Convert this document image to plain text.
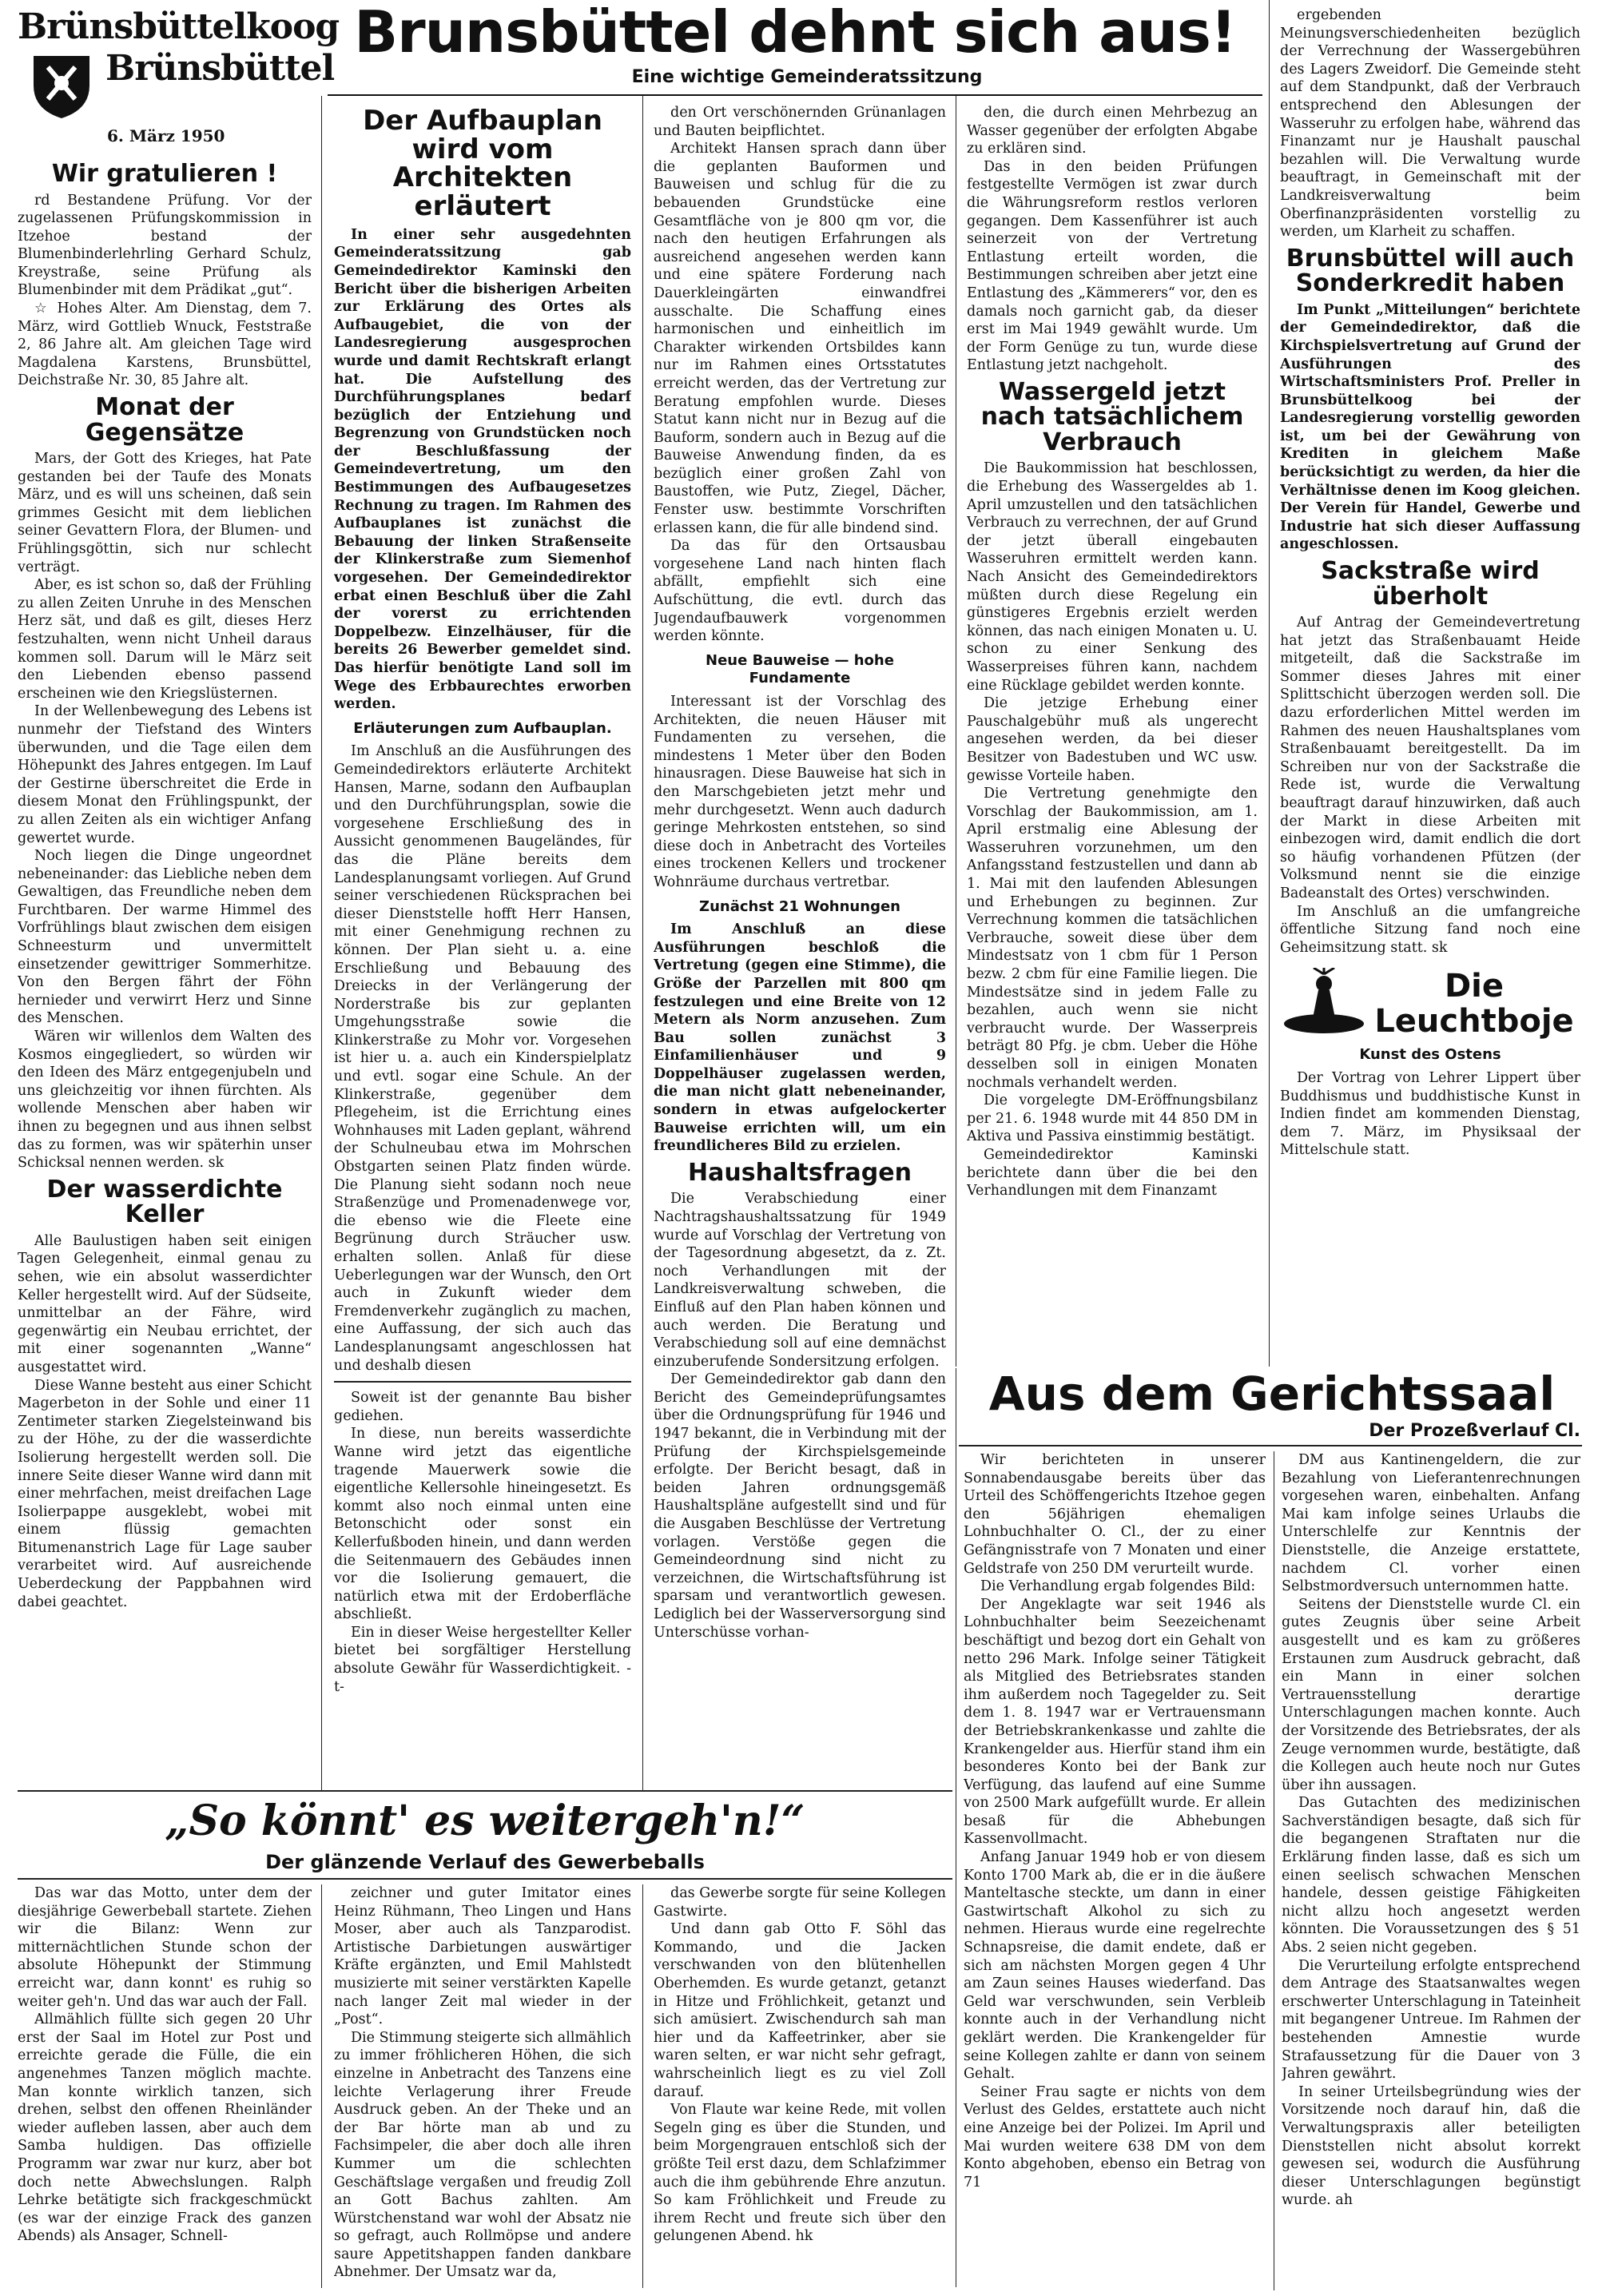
Brünsbüttelkoog
Brünsbüttel
6. März 1950
Brunsbüttel dehnt sich aus!
Eine wichtige Gemeinderatssitzung
Wir gratulieren !

rd Bestandene Prüfung. Vor der zugelassenen Prüfungskommission in Itzehoe bestand der Blumenbinderlehrling Gerhard Schulz, Kreystraße, seine Prüfung als Blumenbinder mit dem Prädikat „gut“.

☆ Hohes Alter. Am Dienstag, dem 7. März, wird Gottlieb Wnuck, Feststraße 2, 86 Jahre alt. Am gleichen Tage wird Magdalena Karstens, Brunsbüttel, Deichstraße Nr. 30, 85 Jahre alt.

Monat der Gegensätze

Mars, der Gott des Krieges, hat Pate gestanden bei der Taufe des Monats März, und es will uns scheinen, daß sein grimmes Gesicht mit dem lieblichen seiner Gevattern Flora, der Blumen- und Frühlingsgöttin, sich nur schlecht verträgt.

Aber, es ist schon so, daß der Frühling zu allen Zeiten Unruhe in des Menschen Herz sät, und daß es gilt, dieses Herz festzuhalten, wenn nicht Unheil daraus kommen soll. Darum will le März seit den Liebenden ebenso passend erscheinen wie den Kriegslüsternen.

In der Wellenbewegung des Lebens ist nunmehr der Tiefstand des Winters überwunden, und die Tage eilen dem Höhepunkt des Jahres entgegen. Im Lauf der Gestirne überschreitet die Erde in diesem Monat den Frühlingspunkt, der zu allen Zeiten als ein wichtiger Anfang gewertet wurde.

Noch liegen die Dinge ungeordnet nebeneinander: das Liebliche neben dem Gewaltigen, das Freundliche neben dem Furchtbaren. Der warme Himmel des Vorfrühlings blaut zwischen dem eisigen Schneesturm und unvermittelt einsetzender gewittriger Sommerhitze. Von den Bergen fährt der Föhn hernieder und verwirrt Herz und Sinne des Menschen.

Wären wir willenlos dem Walten des Kosmos eingegliedert, so würden wir den Ideen des März entgegenjubeln und uns gleichzeitig vor ihnen fürchten. Als wollende Menschen aber haben wir ihnen zu begegnen und aus ihnen selbst das zu formen, was wir späterhin unser Schicksal nennen werden. sk

Der wasserdichte Keller

Alle Baulustigen haben seit einigen Tagen Gelegenheit, einmal genau zu sehen, wie ein absolut wasserdichter Keller hergestellt wird. Auf der Südseite, unmittelbar an der Fähre, wird gegenwärtig ein Neubau errichtet, der mit einer sogenannten „Wanne“ ausgestattet wird.

Diese Wanne besteht aus einer Schicht Magerbeton in der Sohle und einer 11 Zentimeter starken Ziegelsteinwand bis zu der Höhe, zu der die wasserdichte Isolierung hergestellt werden soll. Die innere Seite dieser Wanne wird dann mit einer mehrfachen, meist dreifachen Lage Isolierpappe ausgeklebt, wobei mit einem flüssig gemachten Bitumenanstrich Lage für Lage sauber verarbeitet wird. Auf ausreichende Ueberdeckung der Pappbahnen wird dabei geachtet.

Der Aufbauplan wird vom Architekten erläutert

In einer sehr ausgedehnten Gemeinderatssitzung gab Gemeindedirektor Kaminski den Bericht über die bisherigen Arbeiten zur Erklärung des Ortes als Aufbaugebiet, die von der Landesregierung ausgesprochen wurde und damit Rechtskraft erlangt hat. Die Aufstellung des Durchführungsplanes bedarf bezüglich der Entziehung und Begrenzung von Grundstücken noch der Beschlußfassung der Gemeindevertretung, um den Bestimmungen des Aufbaugesetzes Rechnung zu tragen. Im Rahmen des Aufbauplanes ist zunächst die Bebauung der linken Straßenseite der Klinkerstraße zum Siemenhof vorgesehen. Der Gemeindedirektor erbat einen Beschluß über die Zahl der vorerst zu errichtenden Doppelbezw. Einzelhäuser, für die bereits 26 Bewerber gemeldet sind. Das hierfür benötigte Land soll im Wege des Erbbaurechtes erworben werden.

Erläuterungen zum Aufbauplan.

Im Anschluß an die Ausführungen des Gemeindedirektors erläuterte Architekt Hansen, Marne, sodann den Aufbauplan und den Durchführungsplan, sowie die vorgesehene Erschließung des in Aussicht genommenen Baugeländes, für das die Pläne bereits dem Landesplanungsamt vorliegen. Auf Grund seiner verschiedenen Rücksprachen bei dieser Dienststelle hofft Herr Hansen, mit einer Genehmigung rechnen zu können. Der Plan sieht u. a. eine Erschließung und Bebauung des Dreiecks in der Verlängerung der Norderstraße bis zur geplanten Umgehungsstraße sowie die Klinkerstraße zu Mohr vor. Vorgesehen ist hier u. a. auch ein Kinderspielplatz und evtl. sogar eine Schule. An der Klinkerstraße, gegenüber dem Pflegeheim, ist die Errichtung eines Wohnhauses mit Laden geplant, während der Schulneubau etwa im Mohrschen Obstgarten seinen Platz finden würde. Die Planung sieht sodann noch neue Straßenzüge und Promenadenwege vor, die ebenso wie die Fleete eine Begrünung durch Sträucher usw. erhalten sollen. Anlaß für diese Ueberlegungen war der Wunsch, den Ort auch in Zukunft wieder dem Fremdenverkehr zugänglich zu machen, eine Auffassung, der sich auch das Landesplanungsamt angeschlossen hat und deshalb diesen

Soweit ist der genannte Bau bisher gediehen.

In diese, nun bereits wasserdichte Wanne wird jetzt das eigentliche tragende Mauerwerk sowie die eigentliche Kellersohle hineingesetzt. Es kommt also noch einmal unten eine Betonschicht oder sonst ein Kellerfußboden hinein, und dann werden die Seitenmauern des Gebäudes innen vor die Isolierung gemauert, die natürlich etwa mit der Erdoberfläche abschließt.

Ein in dieser Weise hergestellter Keller bietet bei sorgfältiger Herstellung absolute Gewähr für Wasserdichtigkeit. -t-

den Ort verschönernden Grünanlagen und Bauten beipflichtet.

Architekt Hansen sprach dann über die geplanten Bauformen und Bauweisen und schlug für die zu bebauenden Grundstücke eine Gesamtfläche von je 800 qm vor, die nach den heutigen Erfahrungen als ausreichend angesehen werden kann und eine spätere Forderung nach Dauerkleingärten einwandfrei ausschalte. Die Schaffung eines harmonischen und einheitlich im Charakter wirkenden Ortsbildes kann nur im Rahmen eines Ortsstatutes erreicht werden, das der Vertretung zur Beratung empfohlen wurde. Dieses Statut kann nicht nur in Bezug auf die Bauform, sondern auch in Bezug auf die Bauweise Anwendung finden, da es bezüglich einer großen Zahl von Baustoffen, wie Putz, Ziegel, Dächer, Fenster usw. bestimmte Vorschriften erlassen kann, die für alle bindend sind.

Da das für den Ortsausbau vorgesehene Land nach hinten flach abfällt, empfiehlt sich eine Aufschüttung, die evtl. durch das Jugendaufbauwerk vorgenommen werden könnte.

Neue Bauweise — hohe Fundamente

Interessant ist der Vorschlag des Architekten, die neuen Häuser mit Fundamenten zu versehen, die mindestens 1 Meter über den Boden hinausragen. Diese Bauweise hat sich in den Marschgebieten jetzt mehr und mehr durchgesetzt. Wenn auch dadurch geringe Mehrkosten entstehen, so sind diese doch in Anbetracht des Vorteiles eines trockenen Kellers und trockener Wohnräume durchaus vertretbar.

Zunächst 21 Wohnungen

Im Anschluß an diese Ausführungen beschloß die Vertretung (gegen eine Stimme), die Größe der Parzellen mit 800 qm festzulegen und eine Breite von 12 Metern als Norm anzusehen. Zum Bau sollen zunächst 3 Einfamilienhäuser und 9 Doppelhäuser zugelassen werden, die man nicht glatt nebeneinander, sondern in etwas aufgelockerter Bauweise errichten will, um ein freundlicheres Bild zu erzielen.

Haushaltsfragen

Die Verabschiedung einer Nachtragshaushaltssatzung für 1949 wurde auf Vorschlag der Vertretung von der Tagesordnung abgesetzt, da z. Zt. noch Verhandlungen mit der Landkreisverwaltung schweben, die Einfluß auf den Plan haben können und auch werden. Die Beratung und Verabschiedung soll auf eine demnächst einzuberufende Sondersitzung erfolgen.

Der Gemeindedirektor gab dann den Bericht des Gemeindeprüfungsamtes über die Ordnungsprüfung für 1946 und 1947 bekannt, die in Verbindung mit der Prüfung der Kirchspielsgemeinde erfolgte. Der Bericht besagt, daß in beiden Jahren ordnungsgemäß Haushaltspläne aufgestellt sind und für die Ausgaben Beschlüsse der Vertretung vorlagen. Verstöße gegen die Gemeindeordnung sind nicht zu verzeichnen, die Wirtschaftsführung ist sparsam und verantwortlich gewesen. Lediglich bei der Wasserversorgung sind Unterschüsse vorhan-

den, die durch einen Mehrbezug an Wasser gegenüber der erfolgten Abgabe zu erklären sind.

Das in den beiden Prüfungen festgestellte Vermögen ist zwar durch die Währungsreform restlos verloren gegangen. Dem Kassenführer ist auch seinerzeit von der Vertretung Entlastung erteilt worden, die Bestimmungen schreiben aber jetzt eine Entlastung des „Kämmerers“ vor, den es damals noch garnicht gab, da dieser erst im Mai 1949 gewählt wurde. Um der Form Genüge zu tun, wurde diese Entlastung jetzt nachgeholt.

Wassergeld jetzt nach tatsächlichem Verbrauch

Die Baukommission hat beschlossen, die Erhebung des Wassergeldes ab 1. April umzustellen und den tatsächlichen Verbrauch zu verrechnen, der auf Grund der jetzt überall eingebauten Wasseruhren ermittelt werden kann. Nach Ansicht des Gemeindedirektors müßten durch diese Regelung ein günstigeres Ergebnis erzielt werden können, das nach einigen Monaten u. U. schon zu einer Senkung des Wasserpreises führen kann, nachdem eine Rücklage gebildet werden konnte.

Die jetzige Erhebung einer Pauschalgebühr muß als ungerecht angesehen werden, da bei dieser Besitzer von Badestuben und WC usw. gewisse Vorteile haben.

Die Vertretung genehmigte den Vorschlag der Baukommission, am 1. April erstmalig eine Ablesung der Wasseruhren vorzunehmen, um den Anfangsstand festzustellen und dann ab 1. Mai mit den laufenden Ablesungen und Erhebungen zu beginnen. Zur Verrechnung kommen die tatsächlichen Verbrauche, soweit diese über dem Mindestsatz von 1 cbm für 1 Person bezw. 2 cbm für eine Familie liegen. Die Mindestsätze sind in jedem Falle zu bezahlen, auch wenn sie nicht verbraucht wurde. Der Wasserpreis beträgt 80 Pfg. je cbm. Ueber die Höhe desselben soll in einigen Monaten nochmals verhandelt werden.

Die vorgelegte DM-Eröffnungsbilanz per 21. 6. 1948 wurde mit 44 850 DM in Aktiva und Passiva einstimmig bestätigt.

Gemeindedirektor Kaminski berichtete dann über die bei den Verhandlungen mit dem Finanzamt

ergebenden Meinungsverschiedenheiten bezüglich der Verrechnung der Wassergebühren des Lagers Zweidorf. Die Gemeinde steht auf dem Standpunkt, daß der Verbrauch entsprechend den Ablesungen der Wasseruhr zu erfolgen habe, während das Finanzamt nur je Haushalt pauschal bezahlen will. Die Verwaltung wurde beauftragt, in Gemeinschaft mit der Landkreisverwaltung beim Oberfinanzpräsidenten vorstellig zu werden, um Klarheit zu schaffen.

Brunsbüttel will auch Sonderkredit haben

Im Punkt „Mitteilungen“ berichtete der Gemeindedirektor, daß die Kirchspielsvertretung auf Grund der Ausführungen des Wirtschaftsministers Prof. Preller in Brunsbüttelkoog bei der Landesregierung vorstellig geworden ist, um bei der Gewährung von Krediten in gleichem Maße berücksichtigt zu werden, da hier die Verhältnisse denen im Koog gleichen. Der Verein für Handel, Gewerbe und Industrie hat sich dieser Auffassung angeschlossen.

Sackstraße wird überholt

Auf Antrag der Gemeindevertretung hat jetzt das Straßenbauamt Heide mitgeteilt, daß die Sackstraße im Sommer dieses Jahres mit einer Splittschicht überzogen werden soll. Die dazu erforderlichen Mittel werden im Rahmen des neuen Haushaltsplanes vom Straßenbauamt bereitgestellt. Da im Schreiben nur von der Sackstraße die Rede ist, wurde die Verwaltung beauftragt darauf hinzuwirken, daß auch der Markt in diese Arbeiten mit einbezogen wird, damit endlich die dort so häufig vorhandenen Pfützen (der Volksmund nennt sie die einzige Badeanstalt des Ortes) verschwinden.

Im Anschluß an die umfangreiche öffentliche Sitzung fand noch eine Geheimsitzung statt. sk

Die Leuchtboje
Kunst des Ostens

Der Vortrag von Lehrer Lippert über Buddhismus und buddhistische Kunst in Indien findet am kommenden Dienstag, dem 7. März, im Physiksaal der Mittelschule statt.

Aus dem Gerichtssaal
Der Prozeßverlauf Cl.

Wir berichteten in unserer Sonnabendausgabe bereits über das Urteil des Schöffengerichts Itzehoe gegen den 56jährigen ehemaligen Lohnbuchhalter O. Cl., der zu einer Gefängnisstrafe von 7 Monaten und einer Geldstrafe von 250 DM verurteilt wurde.

Die Verhandlung ergab folgendes Bild:

Der Angeklagte war seit 1946 als Lohnbuchhalter beim Seezeichenamt beschäftigt und bezog dort ein Gehalt von netto 296 Mark. Infolge seiner Tätigkeit als Mitglied des Betriebsrates standen ihm außerdem noch Tagegelder zu. Seit dem 1. 8. 1947 war er Vertrauensmann der Betriebskrankenkasse und zahlte die Krankengelder aus. Hierfür stand ihm ein besonderes Konto bei der Bank zur Verfügung, das laufend auf eine Summe von 2500 Mark aufgefüllt wurde. Er allein besaß für die Abhebungen Kassenvollmacht.

Anfang Januar 1949 hob er von diesem Konto 1700 Mark ab, die er in die äußere Manteltasche steckte, um dann in einer Gastwirtschaft Alkohol zu sich zu nehmen. Hieraus wurde eine regelrechte Schnapsreise, die damit endete, daß er sich am nächsten Morgen gegen 4 Uhr am Zaun seines Hauses wiederfand. Das Geld war verschwunden, sein Verbleib konnte auch in der Verhandlung nicht geklärt werden. Die Krankengelder für seine Kollegen zahlte er dann von seinem Gehalt.

Seiner Frau sagte er nichts von dem Verlust des Geldes, erstattete auch nicht eine Anzeige bei der Polizei. Im April und Mai wurden weitere 638 DM von dem Konto abgehoben, ebenso ein Betrag von 71

DM aus Kantinengeldern, die zur Bezahlung von Lieferantenrechnungen vorgesehen waren, einbehalten. Anfang Mai kam infolge seines Urlaubs die Unterschlelfe zur Kenntnis der Dienststelle, die Anzeige erstattete, nachdem Cl. vorher einen Selbstmordversuch unternommen hatte.

Seitens der Dienststelle wurde Cl. ein gutes Zeugnis über seine Arbeit ausgestellt und es kam zu größeres Erstaunen zum Ausdruck gebracht, daß ein Mann in einer solchen Vertrauensstellung derartige Unterschlagungen machen konnte. Auch der Vorsitzende des Betriebsrates, der als Zeuge vernommen wurde, bestätigte, daß die Kollegen auch heute noch nur Gutes über ihn aussagen.

Das Gutachten des medizinischen Sachverständigen besagte, daß sich für die begangenen Straftaten nur die Erklärung finden lasse, daß es sich um einen seelisch schwachen Menschen handele, dessen geistige Fähigkeiten nicht allzu hoch angesetzt werden könnten. Die Voraussetzungen des § 51 Abs. 2 seien nicht gegeben.

Die Verurteilung erfolgte entsprechend dem Antrage des Staatsanwaltes wegen erschwerter Unterschlagung in Tateinheit mit begangener Untreue. Im Rahmen der bestehenden Amnestie wurde Strafaussetzung für die Dauer von 3 Jahren gewährt.

In seiner Urteilsbegründung wies der Vorsitzende noch darauf hin, daß die Verwaltungspraxis aller beteiligten Dienststellen nicht absolut korrekt gewesen sei, wodurch die Ausführung dieser Unterschlagungen begünstigt wurde. ah

„So könnt' es weitergeh'n!“
Der glänzende Verlauf des Gewerbeballs

Das war das Motto, unter dem der diesjährige Gewerbeball startete. Ziehen wir die Bilanz: Wenn zur mitternächtlichen Stunde schon der absolute Höhepunkt der Stimmung erreicht war, dann konnt' es ruhig so weiter geh'n. Und das war auch der Fall.

Allmählich füllte sich gegen 20 Uhr erst der Saal im Hotel zur Post und erreichte gerade die Fülle, die ein angenehmes Tanzen möglich machte. Man konnte wirklich tanzen, sich drehen, selbst den offenen Rheinländer wieder aufleben lassen, aber auch dem Samba huldigen. Das offizielle Programm war zwar nur kurz, aber bot doch nette Abwechslungen. Ralph Lehrke betätigte sich frackgeschmückt (es war der einzige Frack des ganzen Abends) als Ansager, Schnell-

zeichner und guter Imitator eines Heinz Rühmann, Theo Lingen und Hans Moser, aber auch als Tanzparodist. Artistische Darbietungen auswärtiger Kräfte ergänzten, und Emil Mahlstedt musizierte mit seiner verstärkten Kapelle nach langer Zeit mal wieder in der „Post“.

Die Stimmung steigerte sich allmählich zu immer fröhlicheren Höhen, die sich einzelne in Anbetracht des Tanzens eine leichte Verlagerung ihrer Freude Ausdruck geben. An der Theke und an der Bar hörte man ab und zu Fachsimpeler, die aber doch alle ihren Kummer um die schlechten Geschäftslage vergaßen und freudig Zoll an Gott Bachus zahlten. Am Würstchenstand war wohl der Absatz nie so gefragt, auch Rollmöpse und andere saure Appetitshappen fanden dankbare Abnehmer. Der Umsatz war da,

das Gewerbe sorgte für seine Kollegen Gastwirte.

Und dann gab Otto F. Söhl das Kommando, und die Jacken verschwanden von den blütenhellen Oberhemden. Es wurde getanzt, getanzt in Hitze und Fröhlichkeit, getanzt und sich amüsiert. Zwischendurch sah man hier und da Kaffeetrinker, aber sie waren selten, er war nicht sehr gefragt, wahrscheinlich liegt es zu viel Zoll darauf.

Von Flaute war keine Rede, mit vollen Segeln ging es über die Stunden, und beim Morgengrauen entschloß sich der größte Teil erst dazu, dem Schlafzimmer auch die ihm gebührende Ehre anzutun. So kam Fröhlichkeit und Freude zu ihrem Recht und freute sich über den gelungenen Abend. hk
